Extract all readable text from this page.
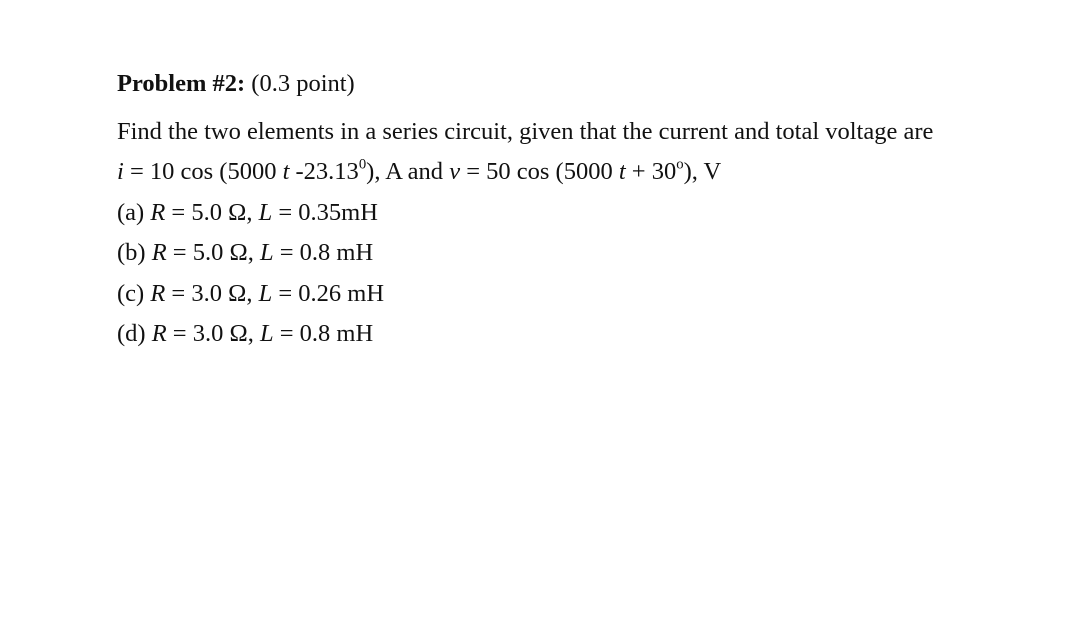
Problem #2: (0.3 point)

Find the two elements in a series circuit, given that the current and total voltage are

i = 10 cos (5000 t -23.13$^0$), A and v = 50 cos (5000 $t + 30^o$), V

(a) R = 5.0 Ω, L = 0.35mH

(b) R = 5.0 Ω, L = 0.8 mH

(c) R = 3.0 Ω, L = 0.26 mH

(d) R = 3.0 Ω, L = 0.8 mH
